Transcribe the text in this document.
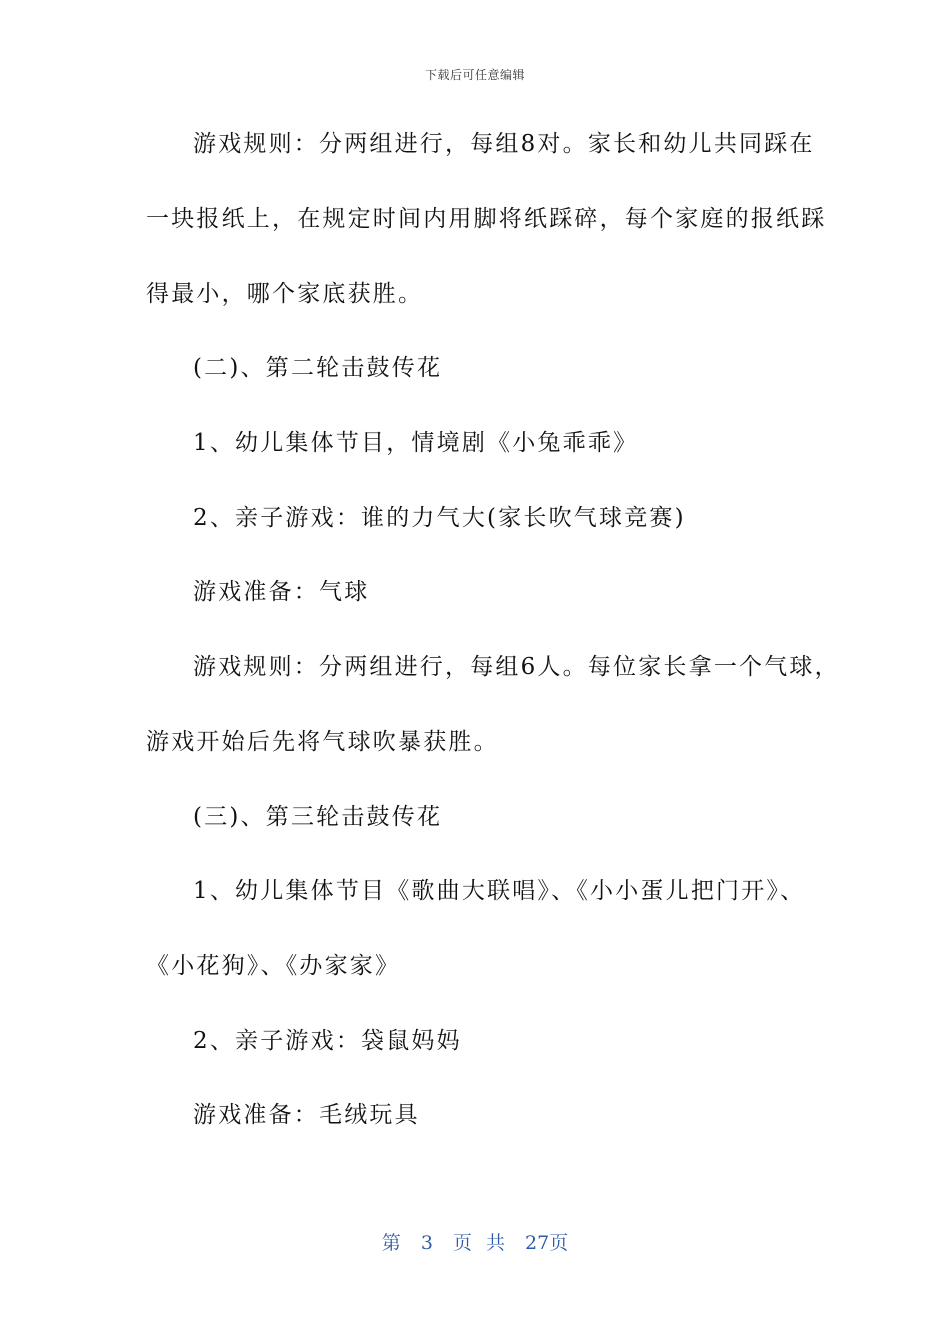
下载后可任意编辑
游戏规则：分两组进行，每组8对。家长和幼儿共同踩在
一块报纸上，在规定时间内用脚将纸踩碎，每个家庭的报纸踩
得最小，哪个家底获胜。
(二)、第二轮击鼓传花
1、幼儿集体节目，情境剧《小兔乖乖》
2、亲子游戏：谁的力气大(家长吹气球竞赛)
游戏准备：气球
游戏规则：分两组进行，每组6人。每位家长拿一个气球，
游戏开始后先将气球吹暴获胜。
(三)、第三轮击鼓传花
1、幼儿集体节目《歌曲大联唱》、《小小蛋儿把门开》、
《小花狗》、《办家家》
2、亲子游戏：袋鼠妈妈
游戏准备：毛绒玩具
第 3 页 共 27页
